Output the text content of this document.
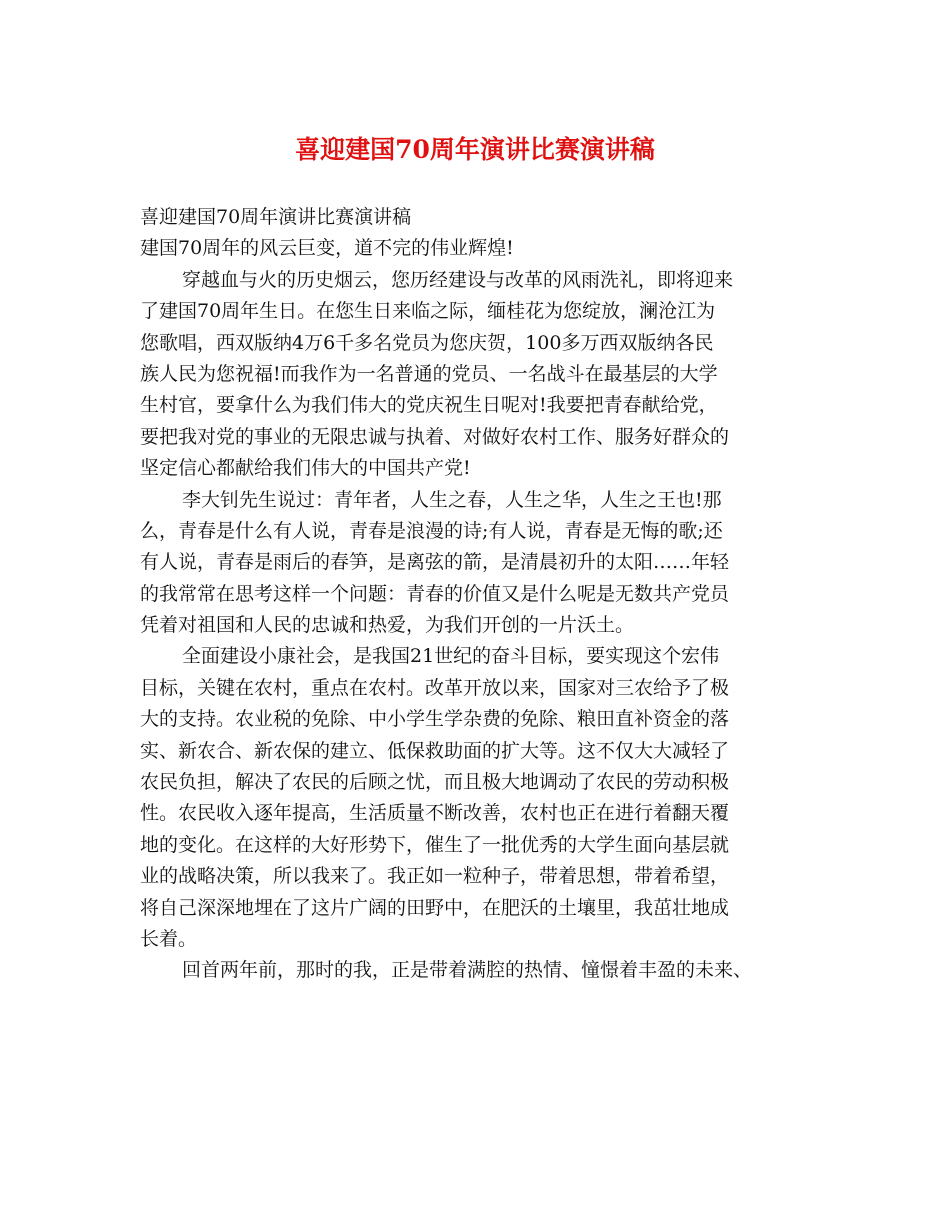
喜迎建国70周年演讲比赛演讲稿
喜迎建国70周年演讲比赛演讲稿
建国70周年的风云巨变，道不完的伟业辉煌!
穿越血与火的历史烟云，您历经建设与改革的风雨洗礼，即将迎来
了建国70周年生日。在您生日来临之际，缅桂花为您绽放，澜沧江为
您歌唱，西双版纳4万6千多名党员为您庆贺，100多万西双版纳各民
族人民为您祝福!而我作为一名普通的党员、一名战斗在最基层的大学
生村官，要拿什么为我们伟大的党庆祝生日呢对!我要把青春献给党，
要把我对党的事业的无限忠诚与执着、对做好农村工作、服务好群众的
坚定信心都献给我们伟大的中国共产党!
李大钊先生说过：青年者，人生之春，人生之华，人生之王也!那
么，青春是什么有人说，青春是浪漫的诗;有人说，青春是无悔的歌;还
有人说，青春是雨后的春笋，是离弦的箭，是清晨初升的太阳……年轻
的我常常在思考这样一个问题：青春的价值又是什么呢是无数共产党员
凭着对祖国和人民的忠诚和热爱，为我们开创的一片沃土。
全面建设小康社会，是我国21世纪的奋斗目标，要实现这个宏伟
目标，关键在农村，重点在农村。改革开放以来，国家对三农给予了极
大的支持。农业税的免除、中小学生学杂费的免除、粮田直补资金的落
实、新农合、新农保的建立、低保救助面的扩大等。这不仅大大减轻了
农民负担，解决了农民的后顾之忧，而且极大地调动了农民的劳动积极
性。农民收入逐年提高，生活质量不断改善，农村也正在进行着翻天覆
地的变化。在这样的大好形势下，催生了一批优秀的大学生面向基层就
业的战略决策，所以我来了。我正如一粒种子，带着思想，带着希望，
将自己深深地埋在了这片广阔的田野中，在肥沃的土壤里，我茁壮地成
长着。
回首两年前，那时的我，正是带着满腔的热情、憧憬着丰盈的未来、
